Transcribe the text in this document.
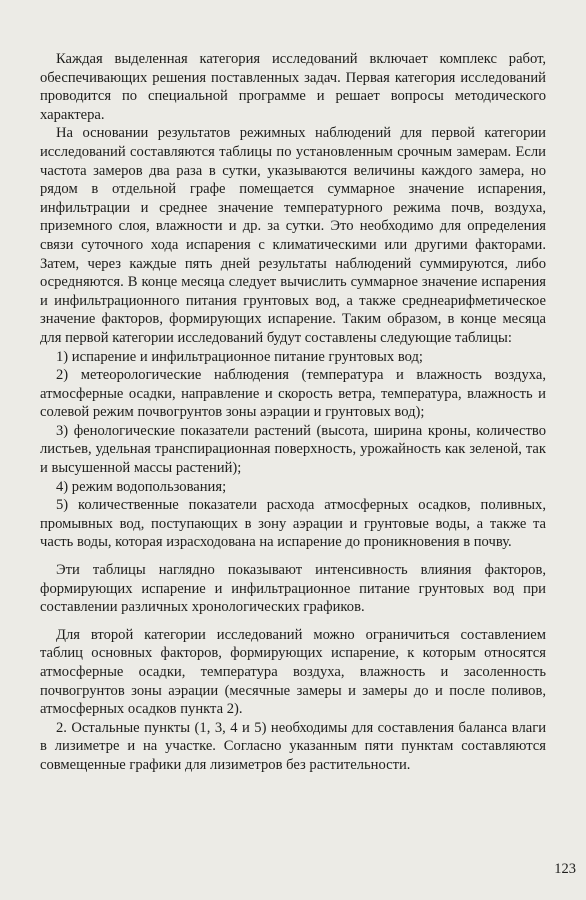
Каждая выделенная категория исследований включает комплекс работ, обеспечивающих решения поставленных задач. Первая категория исследований проводится по специальной программе и решает вопросы методического характера.

На основании результатов режимных наблюдений для первой категории исследований составляются таблицы по установленным срочным замерам. Если частота замеров два раза в сутки, указываются величины каждого замера, но рядом в отдельной графе помещается суммарное значение испарения, инфильтрации и среднее значение температурного режима почв, воздуха, приземного слоя, влажности и др. за сутки. Это необходимо для определения связи суточного хода испарения с климатическими или другими факторами. Затем, через каждые пять дней результаты наблюдений суммируются, либо осредняются. В конце месяца следует вычислить суммарное значение испарения и инфильтрационного питания грунтовых вод, а также среднеарифметическое значение факторов, формирующих испарение. Таким образом, в конце месяца для первой категории исследований будут составлены следующие таблицы:

1) испарение и инфильтрационное питание грунтовых вод;

2) метеорологические наблюдения (температура и влажность воздуха, атмосферные осадки, направление и скорость ветра, температура, влажность и солевой режим почвогрунтов зоны аэрации и грунтовых вод);

3) фенологические показатели растений (высота, ширина кроны, количество листьев, удельная транспирационная поверхность, урожайность как зеленой, так и высушенной массы растений);

4) режим водопользования;

5) количественные показатели расхода атмосферных осадков, поливных, промывных вод, поступающих в зону аэрации и грунтовые воды, а также та часть воды, которая израсходована на испарение до проникновения в почву.

Эти таблицы наглядно показывают интенсивность влияния факторов, формирующих испарение и инфильтрационное питание грунтовых вод при составлении различных хронологических графиков.

Для второй категории исследований можно ограничиться составлением таблиц основных факторов, формирующих испарение, к которым относятся атмосферные осадки, температура воздуха, влажность и засоленность почвогрунтов зоны аэрации (месячные замеры и замеры до и после поливов, атмосферных осадков пункта 2).

2. Остальные пункты (1, 3, 4 и 5) необходимы для составления баланса влаги в лизиметре и на участке. Согласно указанным пяти пунктам составляются совмещенные графики для лизиметров без растительности.

123
